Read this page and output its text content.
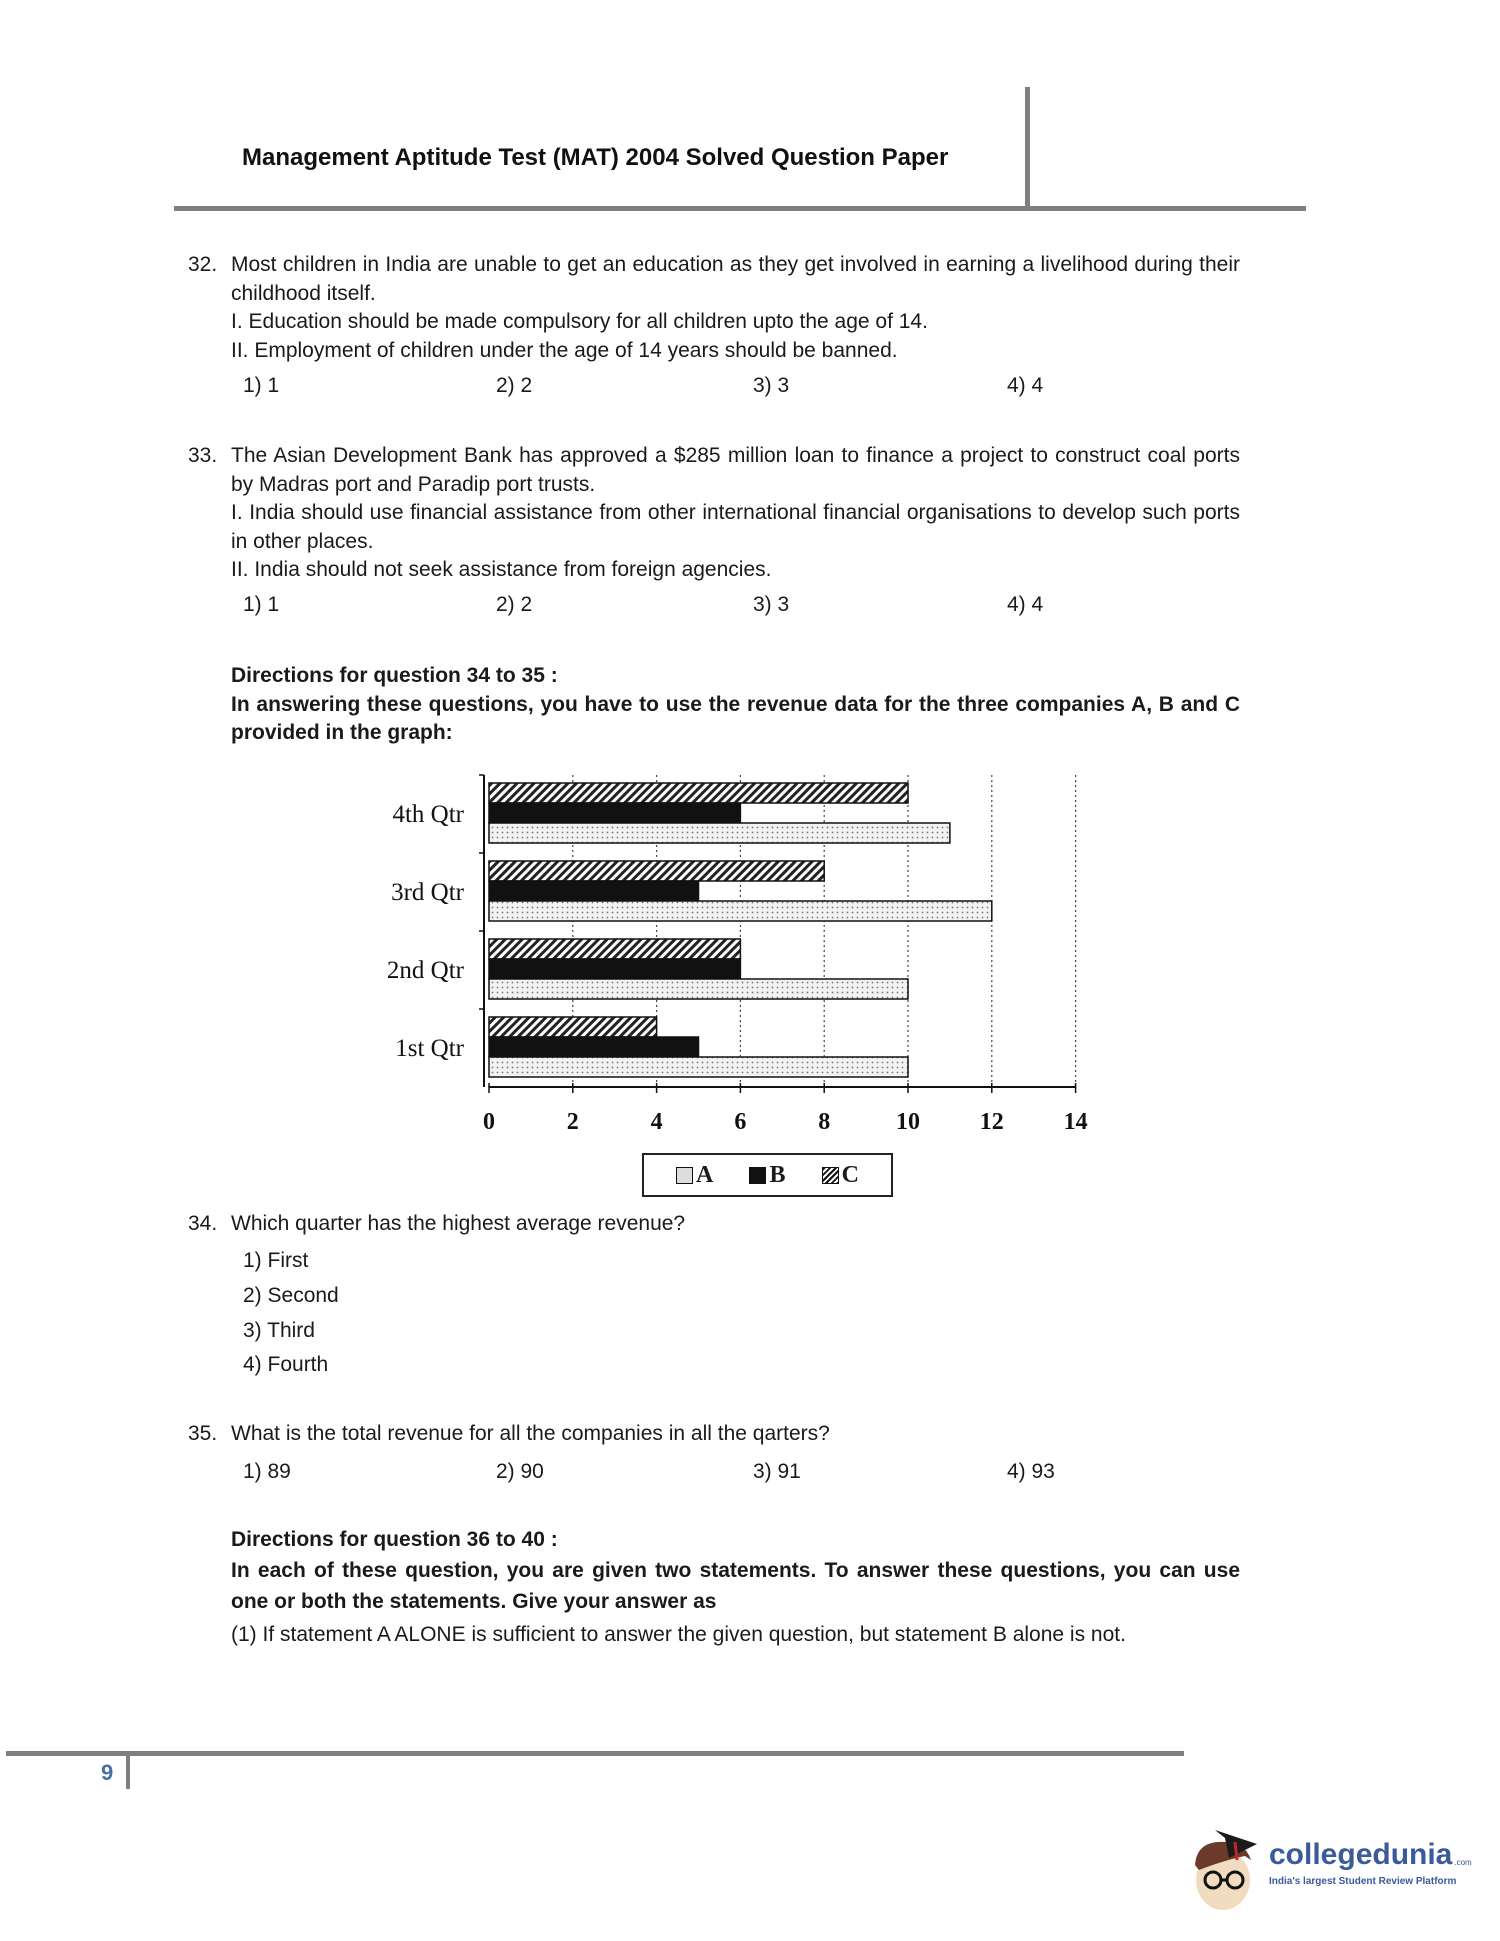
Management Aptitude Test (MAT) 2004 Solved Question Paper
32. Most children in India are unable to get an education as they get involved in earning a livelihood during their childhood itself.
I. Education should be made compulsory for all children upto the age of 14.
II. Employment of children under the age of 14 years should be banned.
1) 1	2) 2	3) 3	4) 4
33. The Asian Development Bank has approved a $285 million loan to finance a project to construct coal ports by Madras port and Paradip port trusts.
I. India should use financial assistance from other international financial organisations to develop such ports in other places.
II. India should not seek assistance from foreign agencies.
1) 1	2) 2	3) 3	4) 4
Directions for question 34 to 35 :
In answering these questions, you have to use the revenue data for the three companies A, B and C provided in the graph:
0	2	4	6	8	10 12 14
1st Qtr
2nd Qtr
3rd Qtr
4th Qtr
A B C
34. Which quarter has the highest average revenue?
1) First
2) Second
3) Third
4) Fourth
35. What is the total revenue for all the companies in all the qarters?
1) 89	2) 90	3) 91	4) 93
Directions for question 36 to 40 :
In each of these question, you are given two statements. To answer these questions, you can use one or both the statements. Give your answer as
(1) If statement A ALONE is sufficient to answer the given question, but statement B alone is not.
9
collegedunia .com
India's largest Student Review Platform
